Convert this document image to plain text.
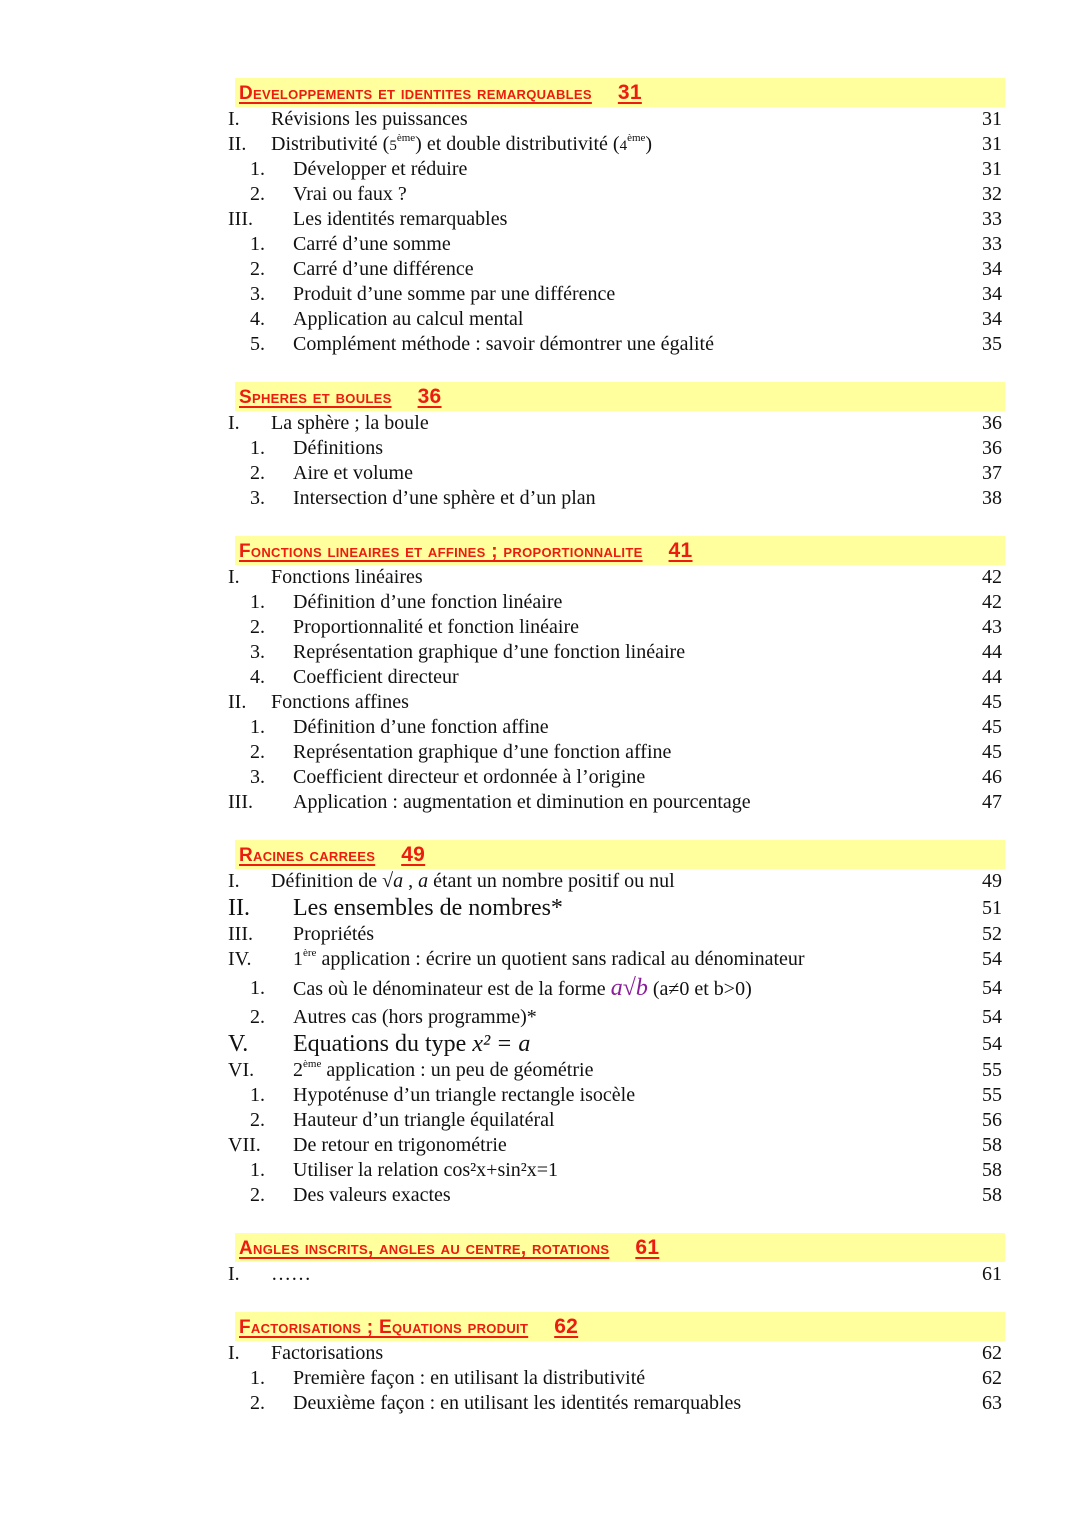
Developpements et identites remarquables 31
I. Révisions les puissances	31
II. Distributivité (5ème) et double distributivité (4ème)	31
1. Développer et réduire	31
2. Vrai ou faux ?	32
III. Les identités remarquables	33
1. Carré d’une somme	33
2. Carré d’une différence	34
3. Produit d’une somme par une différence	34
4. Application au calcul mental	34
5. Complément méthode : savoir démontrer une égalité	35
Spheres et boules 36
I. La sphère ; la boule	36
1. Définitions	36
2. Aire et volume	37
3. Intersection d’une sphère et d’un plan	38
Fonctions lineaires et affines ; proportionnalite 41
I. Fonctions linéaires	42
1. Définition d’une fonction linéaire	42
2. Proportionnalité et fonction linéaire	43
3. Représentation graphique d’une fonction linéaire	44
4. Coefficient directeur	44
II. Fonctions affines	45
1. Définition d’une fonction affine	45
2. Représentation graphique d’une fonction affine	45
3. Coefficient directeur et ordonnée à l’origine	46
III. Application : augmentation et diminution en pourcentage	47
Racines carrees 49
I. Définition de √a , a étant un nombre positif ou nul	49
II. Les ensembles de nombres*	51
III. Propriétés	52
IV. 1ère application : écrire un quotient sans radical au dénominateur	54
1. Cas où le dénominateur est de la forme a√b (a≠0 et b>0)	54
2. Autres cas (hors programme)*	54
V. Equations du type x² = a	54
VI. 2ème application : un peu de géométrie	55
1. Hypoténuse d’un triangle rectangle isocèle	55
2. Hauteur d’un triangle équilatéral	56
VII. De retour en trigonométrie	58
1. Utiliser la relation cos²x+sin²x=1	58
2. Des valeurs exactes	58
Angles inscrits, angles au centre, rotations 61
I. ……	61
Factorisations ; Equations produit 62
I. Factorisations	62
1. Première façon : en utilisant la distributivité	62
2. Deuxième façon : en utilisant les identités remarquables	63
